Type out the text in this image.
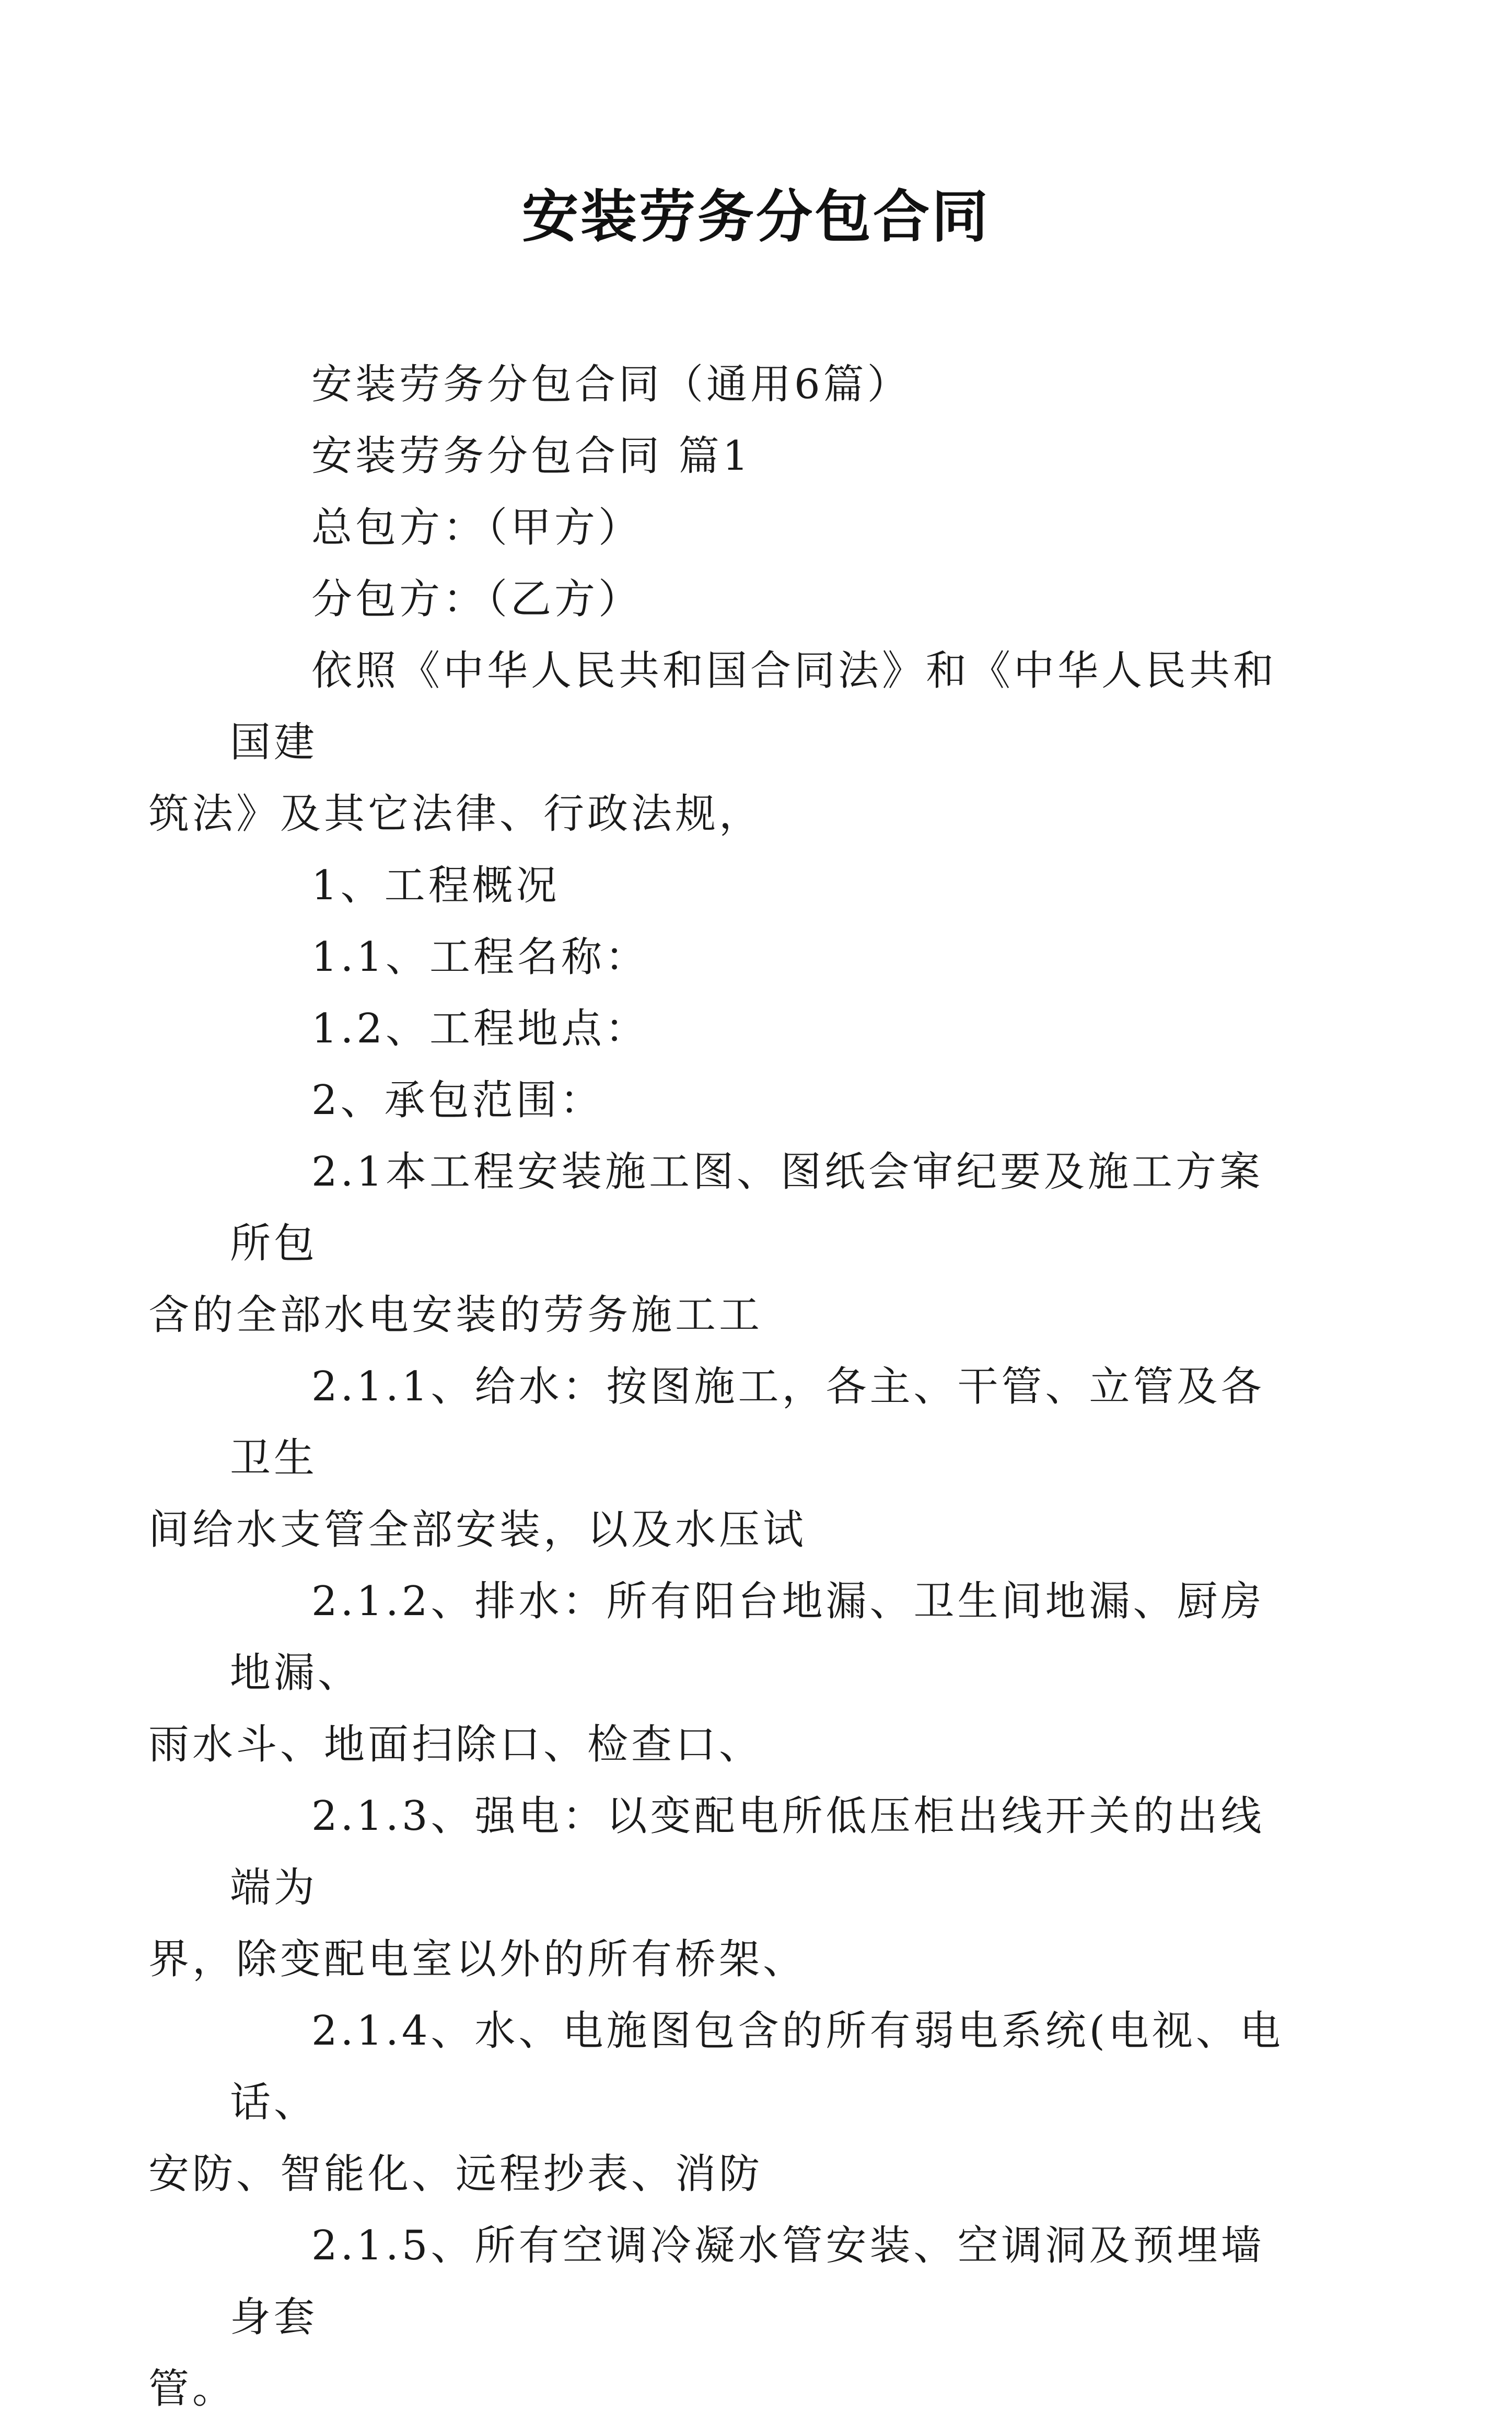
安装劳务分包合同

安装劳务分包合同（通用6篇）

安装劳务分包合同 篇1

总包方：（甲方）

分包方：（乙方）

依照《中华人民共和国合同法》和《中华人民共和国建
筑法》及其它法律、行政法规，

1、工程概况

1.1、工程名称：

1.2、工程地点：

2、承包范围：

2.1本工程安装施工图、图纸会审纪要及施工方案所包
含的全部水电安装的劳务施工工

2.1.1、给水：按图施工，各主、干管、立管及各卫生
间给水支管全部安装，以及水压试

2.1.2、排水：所有阳台地漏、卫生间地漏、厨房地漏、
雨水斗、地面扫除口、检查口、

2.1.3、强电：以变配电所低压柜出线开关的出线端为
界，除变配电室以外的所有桥架、

2.1.4、水、电施图包含的所有弱电系统(电视、电话、
安防、智能化、远程抄表、消防

2.1.5、所有空调冷凝水管安装、空调洞及预埋墙身套
管。
